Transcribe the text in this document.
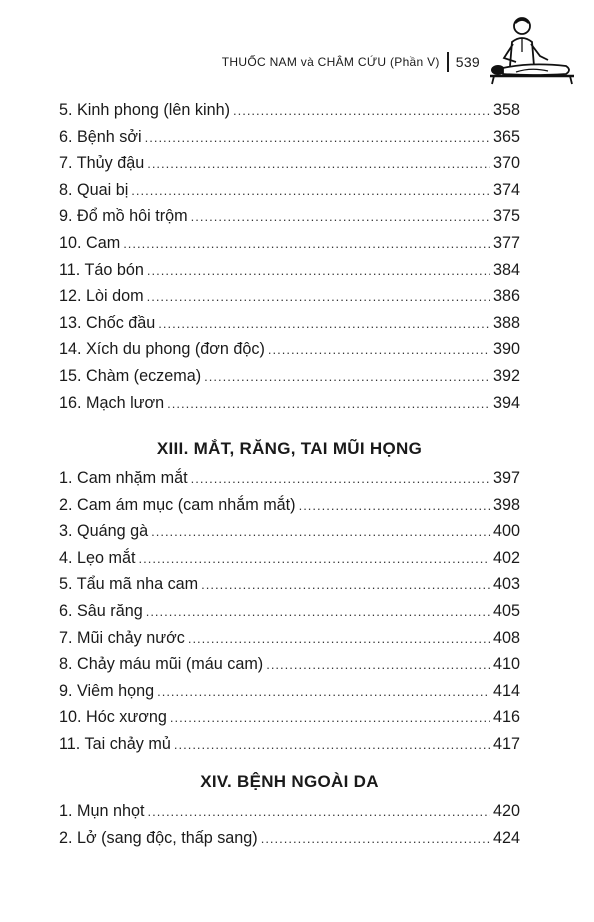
THUỐC NAM và CHÂM CỨU (Phần V) 539
5. Kinh phong (lên kinh) .....	358
6. Bệnh sởi .....	365
7. Thủy đậu .....	370
8. Quai bị .....	374
9. Đổ mồ hôi trộm .....	375
10. Cam .....	377
11. Táo bón .....	384
12. Lòi dom .....	386
13. Chốc đầu .....	388
14. Xích du phong (đơn độc) .....	390
15. Chàm (eczema) .....	392
16. Mạch lươn .....	394
XIII. MẮT, RĂNG, TAI MŨI HỌNG
1. Cam nhặm mắt .....	397
2. Cam ám mục (cam nhắm mắt) .....	398
3. Quáng gà .....	400
4. Lẹo mắt .....	402
5. Tẩu mã nha cam .....	403
6. Sâu răng .....	405
7. Mũi chảy nước .....	408
8. Chảy máu mũi (máu cam) .....	410
9. Viêm họng .....	414
10. Hóc xương .....	416
11. Tai chảy mủ .....	417
XIV. BỆNH NGOÀI DA
1. Mụn nhọt .....	420
2. Lở (sang độc, thấp sang) .....	424
